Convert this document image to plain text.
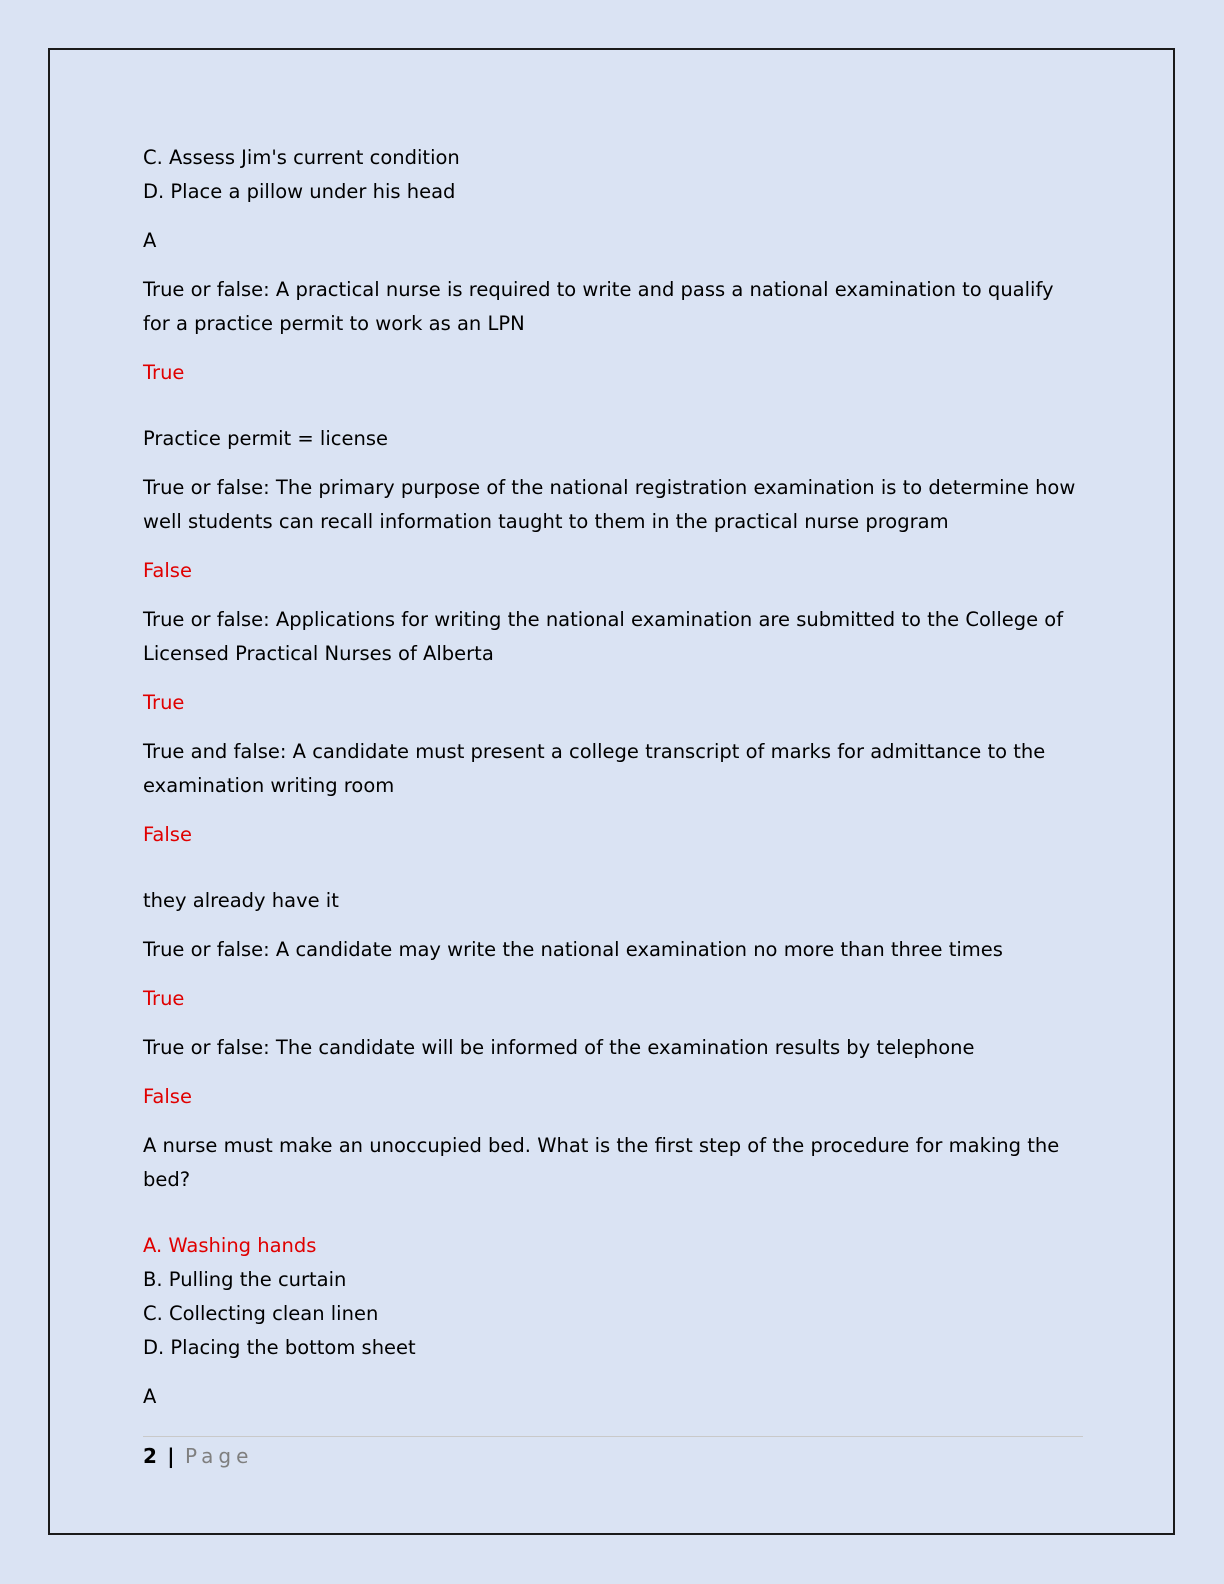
C. Assess Jim's current condition

D. Place a pillow under his head

A

True or false: A practical nurse is required to write and pass a national examination to qualify for a practice permit to work as an LPN

True

Practice permit = license

True or false: The primary purpose of the national registration examination is to determine how well students can recall information taught to them in the practical nurse program

False

True or false: Applications for writing the national examination are submitted to the College of Licensed Practical Nurses of Alberta

True

True and false: A candidate must present a college transcript of marks for admittance to the examination writing room

False

they already have it

True or false: A candidate may write the national examination no more than three times

True

True or false: The candidate will be informed of the examination results by telephone

False

A nurse must make an unoccupied bed. What is the first step of the procedure for making the bed?

A. Washing hands

B. Pulling the curtain

C. Collecting clean linen

D. Placing the bottom sheet

A

2 | Page
